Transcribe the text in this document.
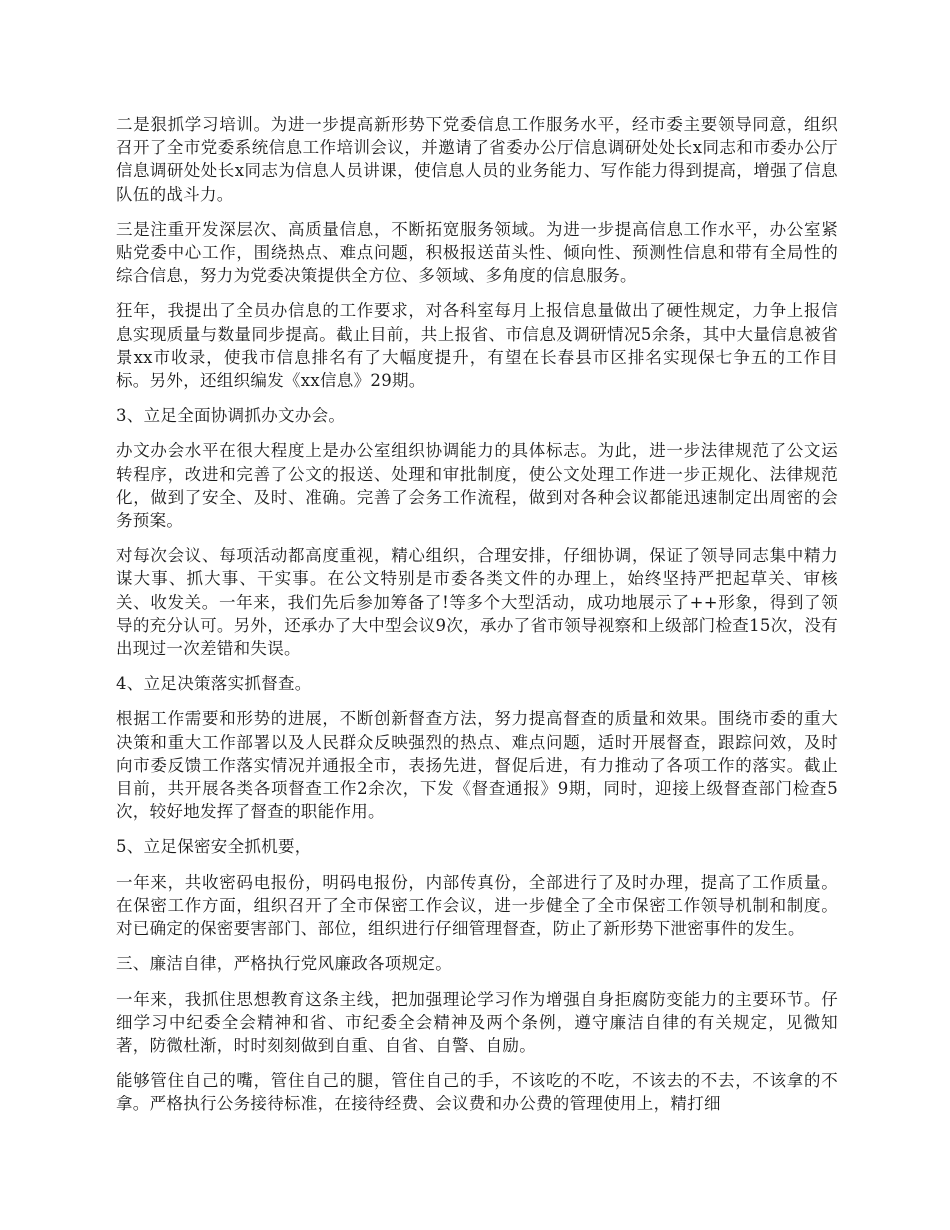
二是狠抓学习培训。为进一步提高新形势下党委信息工作服务水平，经市委主要领导同意，组织召开了全市党委系统信息工作培训会议，并邀请了省委办公厅信息调研处处长x同志和市委办公厅信息调研处处长x同志为信息人员讲课，使信息人员的业务能力、写作能力得到提高，增强了信息队伍的战斗力。

三是注重开发深层次、高质量信息，不断拓宽服务领域。为进一步提高信息工作水平，办公室紧贴党委中心工作，围绕热点、难点问题，积极报送苗头性、倾向性、预测性信息和带有全局性的综合信息，努力为党委决策提供全方位、多领域、多角度的信息服务。

狂年，我提出了全员办信息的工作要求，对各科室每月上报信息量做出了硬性规定，力争上报信息实现质量与数量同步提高。截止目前，共上报省、市信息及调研情况5余条，其中大量信息被省景xx市收录，使我市信息排名有了大幅度提升，有望在长春县市区排名实现保七争五的工作目标。另外，还组织编发《xx信息》29期。

3、立足全面协调抓办文办会。

办文办会水平在很大程度上是办公室组织协调能力的具体标志。为此，进一步法律规范了公文运转程序，改进和完善了公文的报送、处理和审批制度，使公文处理工作进一步正规化、法律规范化，做到了安全、及时、准确。完善了会务工作流程，做到对各种会议都能迅速制定出周密的会务预案。

对每次会议、每项活动都高度重视，精心组织，合理安排，仔细协调，保证了领导同志集中精力谋大事、抓大事、干实事。在公文特别是市委各类文件的办理上，始终坚持严把起草关、审核关、收发关。一年来，我们先后参加筹备了!等多个大型活动，成功地展示了++形象，得到了领导的充分认可。另外，还承办了大中型会议9次，承办了省市领导视察和上级部门检查15次，没有出现过一次差错和失误。

4、立足决策落实抓督查。

根据工作需要和形势的进展，不断创新督查方法，努力提高督查的质量和效果。围绕市委的重大决策和重大工作部署以及人民群众反映强烈的热点、难点问题，适时开展督查，跟踪问效，及时向市委反馈工作落实情况并通报全市，表扬先进，督促后进，有力推动了各项工作的落实。截止目前，共开展各类各项督查工作2余次，下发《督查通报》9期，同时，迎接上级督查部门检查5次，较好地发挥了督查的职能作用。

5、立足保密安全抓机要，

一年来，共收密码电报份，明码电报份，内部传真份，全部进行了及时办理，提高了工作质量。在保密工作方面，组织召开了全市保密工作会议，进一步健全了全市保密工作领导机制和制度。对已确定的保密要害部门、部位，组织进行仔细管理督查，防止了新形势下泄密事件的发生。

三、廉洁自律，严格执行党风廉政各项规定。

一年来，我抓住思想教育这条主线，把加强理论学习作为增强自身拒腐防变能力的主要环节。仔细学习中纪委全会精神和省、市纪委全会精神及两个条例，遵守廉洁自律的有关规定，见微知著，防微杜渐，时时刻刻做到自重、自省、自警、自励。

能够管住自己的嘴，管住自己的腿，管住自己的手，不该吃的不吃，不该去的不去，不该拿的不拿。严格执行公务接待标准，在接待经费、会议费和办公费的管理使用上，精打细
